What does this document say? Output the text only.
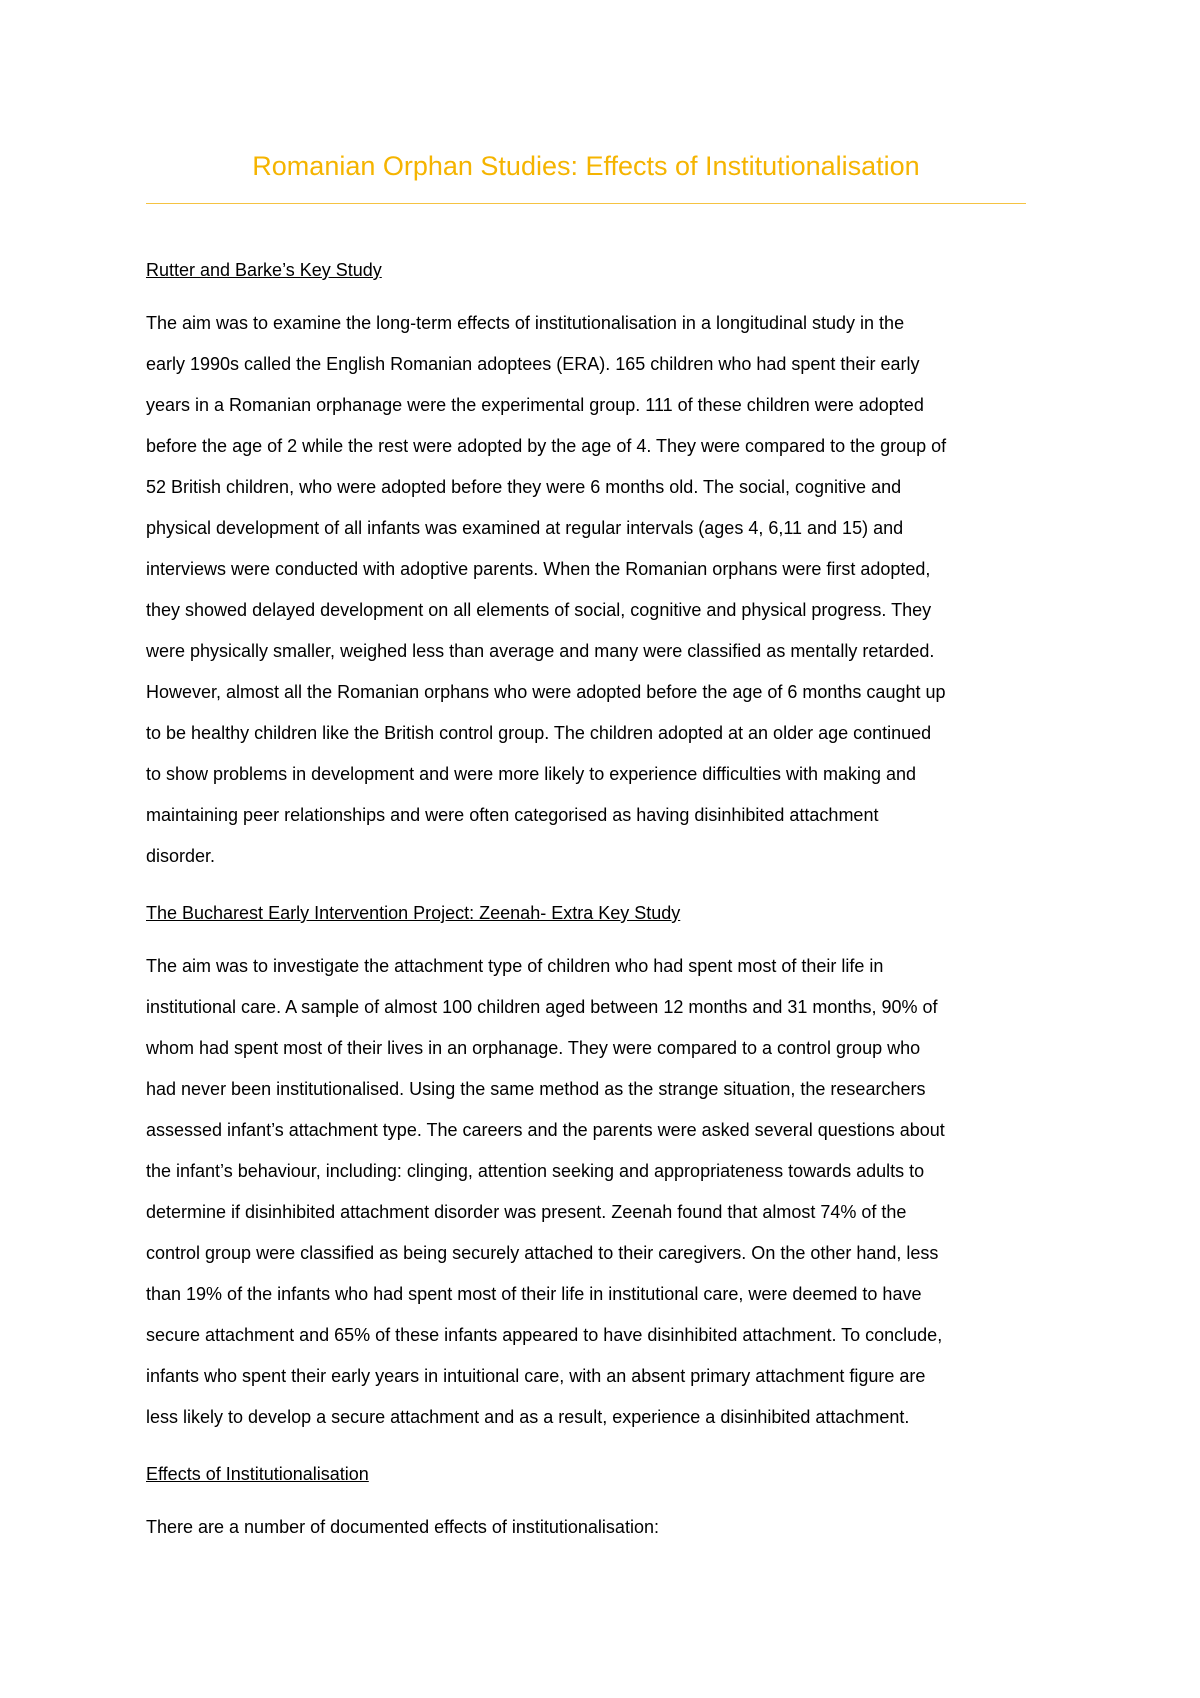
Romanian Orphan Studies: Effects of Institutionalisation
Rutter and Barke’s Key Study
The aim was to examine the long-term effects of institutionalisation in a longitudinal study in the
early 1990s called the English Romanian adoptees (ERA). 165 children who had spent their early
years in a Romanian orphanage were the experimental group. 111 of these children were adopted
before the age of 2 while the rest were adopted by the age of 4. They were compared to the group of
52 British children, who were adopted before they were 6 months old. The social, cognitive and
physical development of all infants was examined at regular intervals (ages 4, 6,11 and 15) and
interviews were conducted with adoptive parents. When the Romanian orphans were first adopted,
they showed delayed development on all elements of social, cognitive and physical progress. They
were physically smaller, weighed less than average and many were classified as mentally retarded.
However, almost all the Romanian orphans who were adopted before the age of 6 months caught up
to be healthy children like the British control group. The children adopted at an older age continued
to show problems in development and were more likely to experience difficulties with making and
maintaining peer relationships and were often categorised as having disinhibited attachment
disorder.
The Bucharest Early Intervention Project: Zeenah- Extra Key Study
The aim was to investigate the attachment type of children who had spent most of their life in
institutional care. A sample of almost 100 children aged between 12 months and 31 months, 90% of
whom had spent most of their lives in an orphanage. They were compared to a control group who
had never been institutionalised. Using the same method as the strange situation, the researchers
assessed infant’s attachment type. The careers and the parents were asked several questions about
the infant’s behaviour, including: clinging, attention seeking and appropriateness towards adults to
determine if disinhibited attachment disorder was present. Zeenah found that almost 74% of the
control group were classified as being securely attached to their caregivers. On the other hand, less
than 19% of the infants who had spent most of their life in institutional care, were deemed to have
secure attachment and 65% of these infants appeared to have disinhibited attachment. To conclude,
infants who spent their early years in intuitional care, with an absent primary attachment figure are
less likely to develop a secure attachment and as a result, experience a disinhibited attachment.
Effects of Institutionalisation
There are a number of documented effects of institutionalisation:
